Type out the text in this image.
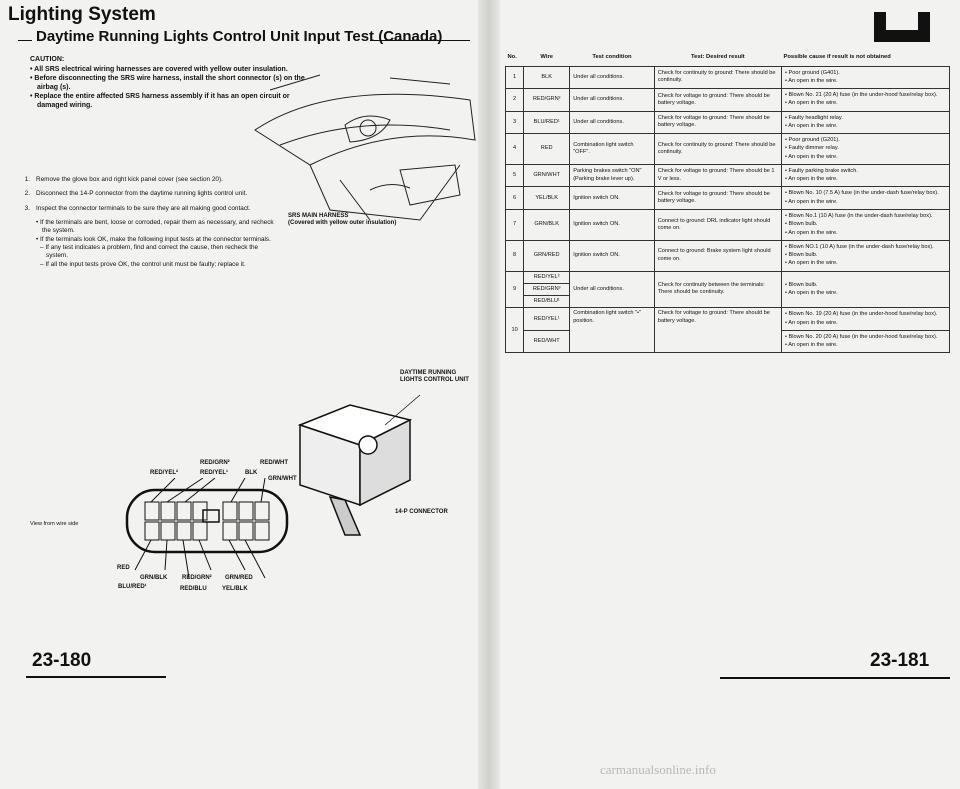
Lighting System
Daytime Running Lights Control Unit Input Test (Canada)
CAUTION:
• All SRS electrical wiring harnesses are covered with yellow outer insulation.
• Before disconnecting the SRS wire harness, install the short connector (s) on the airbag (s).
• Replace the entire affected SRS harness assembly if it has an open circuit or damaged wiring.
1. Remove the glove box and right kick panel cover (see section 20).
2. Disconnect the 14-P connector from the daytime running lights control unit.
3. Inspect the connector terminals to be sure they are all making good contact.
• If the terminals are bent, loose or corroded, repair them as necessary, and recheck the system.
• If the terminals look OK, make the following input tests at the connector terminals.
– If any test indicates a problem, find and correct the cause, then recheck the system.
– If all the input tests prove OK, the control unit must be faulty; replace it.
SRS MAIN HARNESS
(Covered with yellow outer insulation)
DAYTIME RUNNING
LIGHTS CONTROL UNIT
14-P CONNECTOR
RED/GRN²	RED/WHT
RED/YEL²	RED/YEL¹	BLK
GRN/WHT
View from wire side
RED
GRN/BLK RED/GRN² GRN/RED
BLU/RED¹	RED/BLU	YEL/BLK
23-180
No.	Wire	Test condition	Test: Desired result	Possible cause if result is not obtained
1	BLK	Under all conditions.	Check for continuity to ground: There should be continuity.	• Poor ground (G401).
• An open in the wire.

2	RED/GRN²	Under all conditions.	Check for voltage to ground: There should be battery voltage.	• Blown No. 21 (20 A) fuse (in the under-hood fuse/relay box).
• An open in the wire.

3	BLU/RED¹	Under all conditions.	Check for voltage to ground: There should be battery voltage.	• Faulty headlight relay.
• An open in the wire.

4	RED	Combination light switch "OFF".	Check for continuity to ground: There should be continuity.	• Poor ground (G201).
• Faulty dimmer relay.
• An open in the wire.

5	GRN/WHT	Parking brakes switch "ON" (Parking brake lever up).	Check for voltage to ground: There should be 1 V or less.	• Faulty parking brake switch.
• An open in the wire.

6	YEL/BLK	Ignition switch ON.	Check for voltage to ground: There should be battery voltage.	• Blown No. 10 (7.5 A) fuse (in the under-dash fuse/relay box).
• An open in the wire.

7	GRN/BLK	Ignition switch ON.	Connect to ground: DRL indicator light should come on.	• Blown No.1 (10 A) fuse (in the under-dash fuse/relay box).
• Blown bulb.
• An open in the wire.

8	GRN/RED	Ignition switch ON.	Connect to ground: Brake system light should come on.	• Blown NO.1 (10 A) fuse (in the under-dash fuse/relay box).
• Blown bulb.
• An open in the wire.

9	RED/YEL²	Under all conditions.	Check for continuity between the terminals: There should be continuity.	• Blown bulb.
• An open in the wire.

	RED/GRN³			
	RED/BLU¹			
10	RED/YEL¹	Combination light switch "•" position.	Check for voltage to ground: There should be battery voltage.	• Blown No. 19 (20 A) fuse (in the under-hood fuse/relay box).
• An open in the wire.

	RED/WHT			• Blown No. 20 (20 A) fuse (in the under-hood fuse/relay box).
• An open in the wire.
23-181
carmanualsonline.info
